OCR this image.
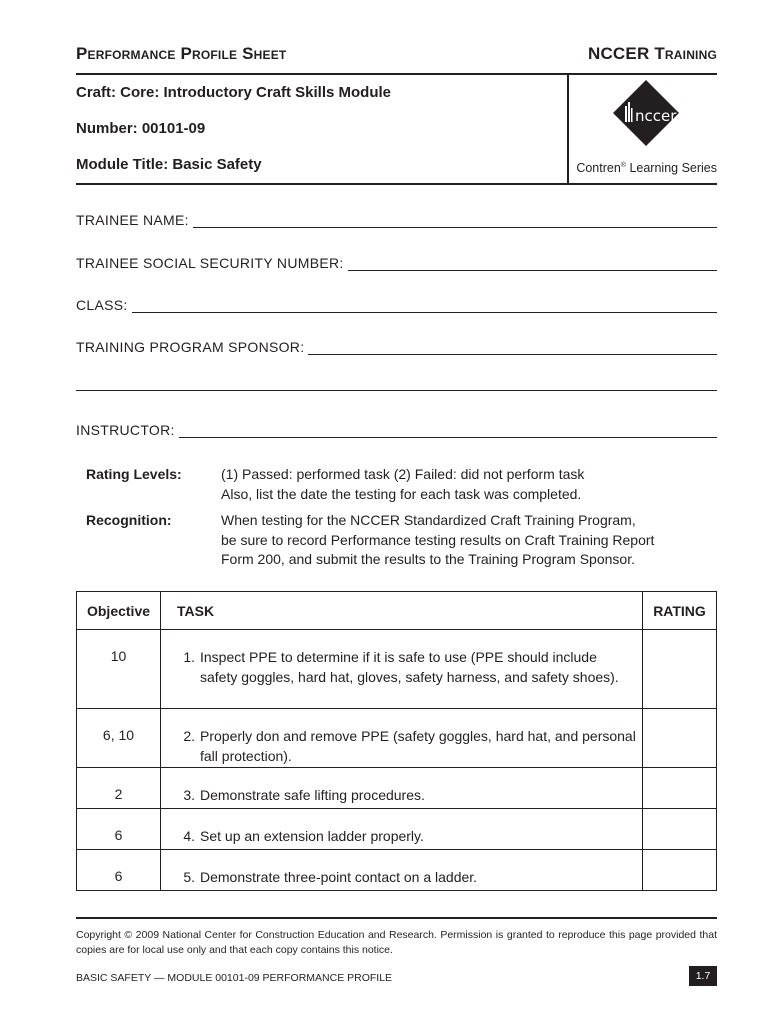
Performance Profile Sheet	NCCER Training
Craft: Core: Introductory Craft Skills Module
Number: 00101-09
Module Title: Basic Safety
nccer
Contren® Learning Series
TRAINEE NAME:
TRAINEE SOCIAL SECURITY NUMBER:
CLASS:
TRAINING PROGRAM SPONSOR:
INSTRUCTOR:
Rating Levels:	(1) Passed: performed task (2) Failed: did not perform task
Also, list the date the testing for each task was completed.
Recognition:	When testing for the NCCER Standardized Craft Training Program,
be sure to record Performance testing results on Craft Training Report
Form 200, and submit the results to the Training Program Sponsor.
Objective	TASK	RATING
10	1. Inspect PPE to determine if it is safe to use (PPE should include safety goggles, hard hat, gloves, safety harness, and safety shoes).	

6, 10	2. Properly don and remove PPE (safety goggles, hard hat, and personal fall protection).	

2	3. Demonstrate safe lifting procedures.	

6	4. Set up an extension ladder properly.	

6	5. Demonstrate three-point contact on a ladder.	

Copyright © 2009 National Center for Construction Education and Research. Permission is granted to reproduce this page provided that copies are for local use only and that each copy contains this notice.
BASIC SAFETY — MODULE 00101-09 PERFORMANCE PROFILE	1.7
